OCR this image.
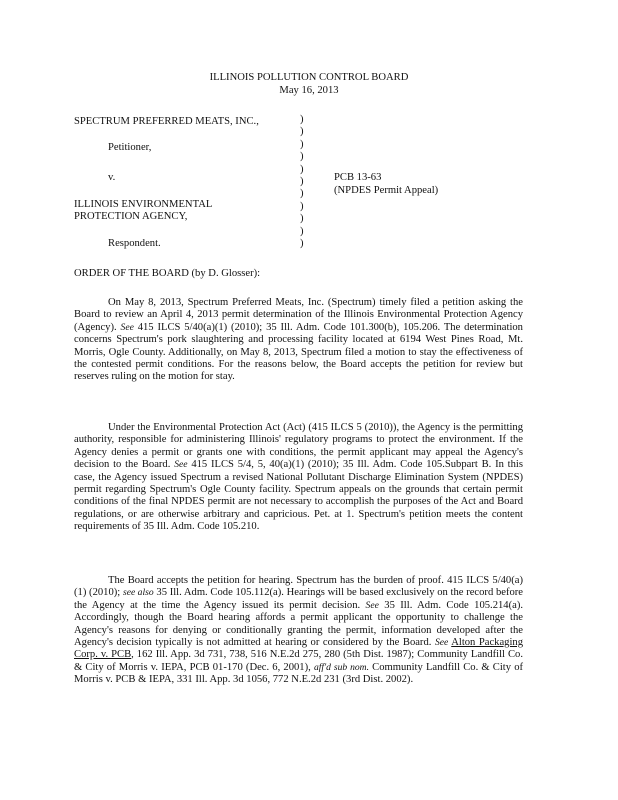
ILLINOIS POLLUTION CONTROL BOARD
May 16, 2013
SPECTRUM PREFERRED MEATS, INC.,
Petitioner,
v.
ILLINOIS ENVIRONMENTAL
PROTECTION AGENCY,
Respondent.
)
)
)
)
)
)
)
)
)
)
)
PCB 13-63
(NPDES Permit Appeal)
ORDER OF THE BOARD (by D. Glosser):

On May 8, 2013, Spectrum Preferred Meats, Inc. (Spectrum) timely filed a petition asking the Board to review an April 4, 2013 permit determination of the Illinois Environmental Protection Agency (Agency). See 415 ILCS 5/40(a)(1) (2010); 35 Ill. Adm. Code 101.300(b), 105.206. The determination concerns Spectrum's pork slaughtering and processing facility located at 6194 West Pines Road, Mt. Morris, Ogle County. Additionally, on May 8, 2013, Spectrum filed a motion to stay the effectiveness of the contested permit conditions. For the reasons below, the Board accepts the petition for review but reserves ruling on the motion for stay.

Under the Environmental Protection Act (Act) (415 ILCS 5 (2010)), the Agency is the permitting authority, responsible for administering Illinois' regulatory programs to protect the environment. If the Agency denies a permit or grants one with conditions, the permit applicant may appeal the Agency's decision to the Board. See 415 ILCS 5/4, 5, 40(a)(1) (2010); 35 Ill. Adm. Code 105.Subpart B. In this case, the Agency issued Spectrum a revised National Pollutant Discharge Elimination System (NPDES) permit regarding Spectrum's Ogle County facility. Spectrum appeals on the grounds that certain permit conditions of the final NPDES permit are not necessary to accomplish the purposes of the Act and Board regulations, or are otherwise arbitrary and capricious. Pet. at 1. Spectrum's petition meets the content requirements of 35 Ill. Adm. Code 105.210.

The Board accepts the petition for hearing. Spectrum has the burden of proof. 415 ILCS 5/40(a)(1) (2010); see also 35 Ill. Adm. Code 105.112(a). Hearings will be based exclusively on the record before the Agency at the time the Agency issued its permit decision. See 35 Ill. Adm. Code 105.214(a). Accordingly, though the Board hearing affords a permit applicant the opportunity to challenge the Agency's reasons for denying or conditionally granting the permit, information developed after the Agency's decision typically is not admitted at hearing or considered by the Board. See Alton Packaging Corp. v. PCB, 162 Ill. App. 3d 731, 738, 516 N.E.2d 275, 280 (5th Dist. 1987); Community Landfill Co. & City of Morris v. IEPA, PCB 01-170 (Dec. 6, 2001), aff'd sub nom. Community Landfill Co. & City of Morris v. PCB & IEPA, 331 Ill. App. 3d 1056, 772 N.E.2d 231 (3rd Dist. 2002).
